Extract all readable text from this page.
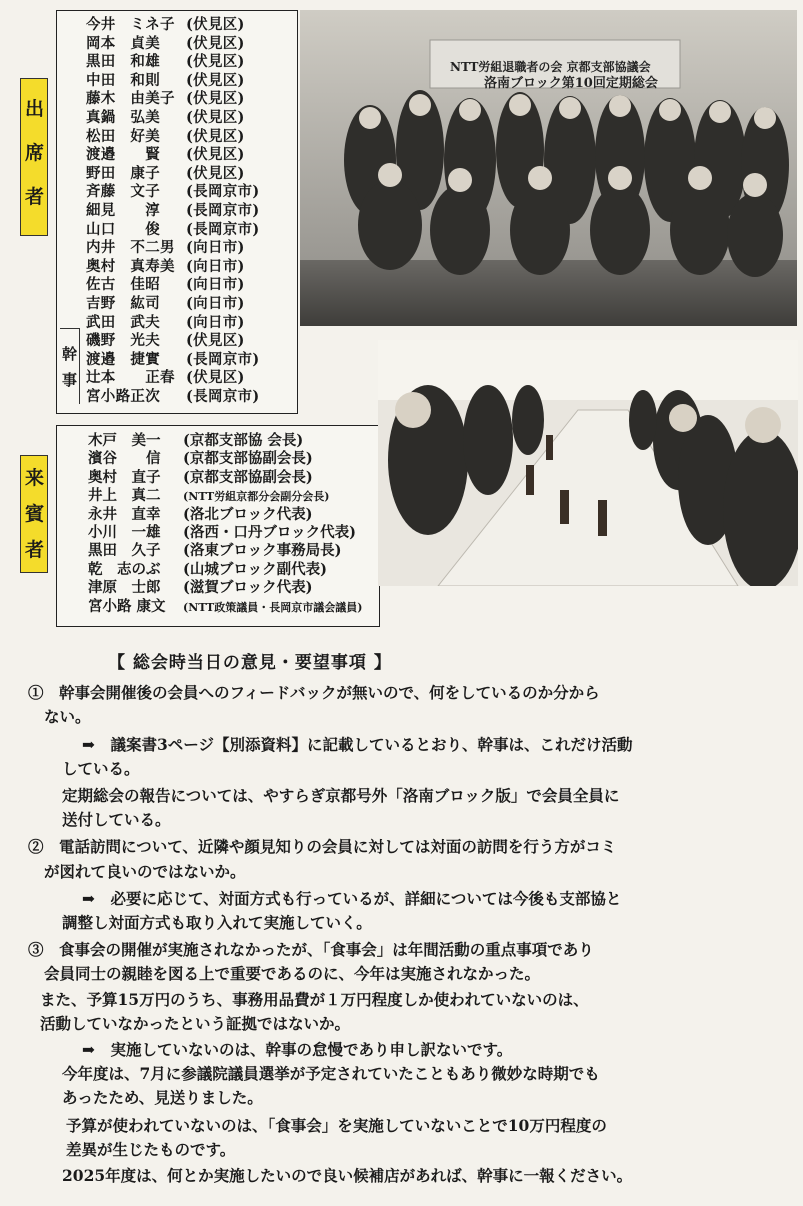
出席者
幹事
今井　ミネ子 (伏見区)
岡本　貞美 (伏見区)
黒田　和雄 (伏見区)
中田　和則 (伏見区)
藤木　由美子 (伏見区)
真鍋　弘美 (伏見区)
松田　好美 (伏見区)
渡邉　　賢 (伏見区)
野田　康子 (伏見区)
斉藤　文子 (長岡京市)
細見　　淳 (長岡京市)
山口　　俊 (長岡京市)
内井　不二男 (向日市)
奥村　真寿美 (向日市)
佐古　佳昭 (向日市)
吉野　紘司 (向日市)
武田　武夫 (向日市)
磯野　光夫 (伏見区)
渡邉　捷實 (長岡京市)
辻本　　正春 (伏見区)
宮小路正次 (長岡京市)
来賓者
木戸　美一 (京都支部協 会長)
濱谷　　信 (京都支部協副会長)
奥村　直子 (京都支部協副会長)
井上　真二 (NTT労組京都分会副分会長)
永井　直幸 (洛北ブロック代表)
小川　一雄 (洛西・口丹ブロック代表)
黒田　久子 (洛東ブロック事務局長)
乾　志のぶ (山城ブロック副代表)
津原　士郎 (滋賀ブロック代表)
宮小路 康文 (NTT政策議員・長岡京市議会議員)
NTT労組退職者の会 京都支部協議会
洛南ブロック第10回定期総会
【 総会時当日の意見・要望事項 】
①　幹事会開催後の会員へのフィードバックが無いので、何をしているのか分から
ない。
➡　議案書3ページ【別添資料】に記載しているとおり、幹事は、これだけ活動
している。
定期総会の報告については、やすらぎ京都号外「洛南ブロック版」で会員全員に
送付している。
②　電話訪問について、近隣や顔見知りの会員に対しては対面の訪問を行う方がコミ
が図れて良いのではないか。
➡　必要に応じて、対面方式も行っているが、詳細については今後も支部協と
調整し対面方式も取り入れて実施していく。
③　食事会の開催が実施されなかったが、「食事会」は年間活動の重点事項であり
会員同士の親睦を図る上で重要であるのに、今年は実施されなかった。
また、予算15万円のうち、事務用品費が１万円程度しか使われていないのは、
活動していなかったという証拠ではないか。
➡　実施していないのは、幹事の怠慢であり申し訳ないです。
今年度は、7月に参議院議員選挙が予定されていたこともあり微妙な時期でも
あったため、見送りました。
予算が使われていないのは、「食事会」を実施していないことで10万円程度の
差異が生じたものです。
2025年度は、何とか実施したいので良い候補店があれば、幹事に一報ください。
